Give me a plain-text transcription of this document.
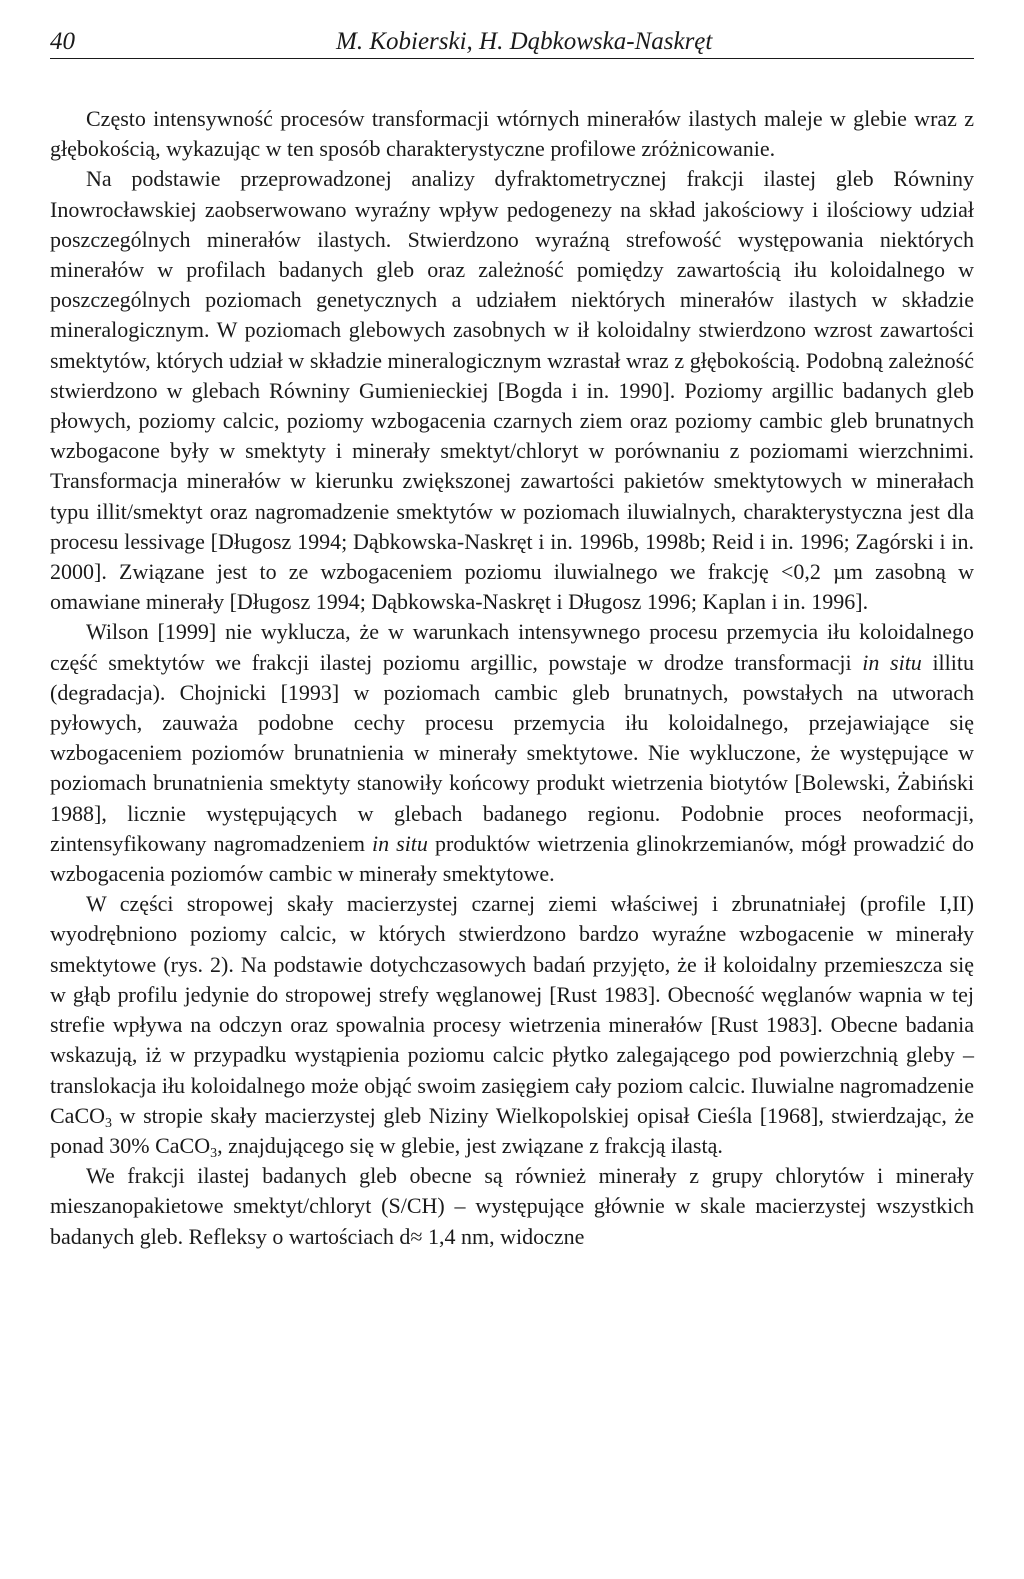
40	M. Kobierski, H. Dąbkowska-Naskręt

Często intensywność procesów transformacji wtórnych minerałów ilastych maleje w glebie wraz z głębokością, wykazując w ten sposób charakterystyczne profilowe zróżnicowanie.

Na podstawie przeprowadzonej analizy dyfraktometrycznej frakcji ilastej gleb Równiny Inowrocławskiej zaobserwowano wyraźny wpływ pedogenezy na skład jakościowy i ilościowy udział poszczególnych minerałów ilastych. Stwierdzono wyraźną strefowość występowania niektórych minerałów w profilach badanych gleb oraz zależność pomiędzy zawartością iłu koloidalnego w poszczególnych poziomach genetycznych a udziałem niektórych minerałów ilastych w składzie mineralogicznym. W poziomach glebowych zasobnych w ił koloidalny stwierdzono wzrost zawartości smektytów, których udział w składzie mineralogicznym wzrastał wraz z głębokością. Podobną zależność stwierdzono w glebach Równiny Gumienieckiej [Bogda i in. 1990]. Poziomy argillic badanych gleb płowych, poziomy calcic, poziomy wzbogacenia czarnych ziem oraz poziomy cambic gleb brunatnych wzbogacone były w smektyty i minerały smektyt/chloryt w porównaniu z poziomami wierzchnimi. Transformacja minerałów w kierunku zwiększonej zawartości pakietów smektytowych w minerałach typu illit/smektyt oraz nagromadzenie smektytów w poziomach iluwialnych, charakterystyczna jest dla procesu lessivage [Długosz 1994; Dąbkowska-Naskręt i in. 1996b, 1998b; Reid i in. 1996; Zagórski i in. 2000]. Związane jest to ze wzbogaceniem poziomu iluwialnego we frakcję <0,2 µm zasobną w omawiane minerały [Długosz 1994; Dąbkowska-Naskręt i Długosz 1996; Kaplan i in. 1996].

Wilson [1999] nie wyklucza, że w warunkach intensywnego procesu przemycia iłu koloidalnego część smektytów we frakcji ilastej poziomu argillic, powstaje w drodze transformacji in situ illitu (degradacja). Chojnicki [1993] w poziomach cambic gleb brunatnych, powstałych na utworach pyłowych, zauważa podobne cechy procesu przemycia iłu koloidalnego, przejawiające się wzbogaceniem poziomów brunatnienia w minerały smektytowe. Nie wykluczone, że występujące w poziomach brunatnienia smektyty stanowiły końcowy produkt wietrzenia biotytów [Bolewski, Żabiński 1988], licznie występujących w glebach badanego regionu. Podobnie proces neoformacji, zintensyfikowany nagromadzeniem in situ produktów wietrzenia glinokrzemianów, mógł prowadzić do wzbogacenia poziomów cambic w minerały smektytowe.

W części stropowej skały macierzystej czarnej ziemi właściwej i zbrunatniałej (profile I,II) wyodrębniono poziomy calcic, w których stwierdzono bardzo wyraźne wzbogacenie w minerały smektytowe (rys. 2). Na podstawie dotychczasowych badań przyjęto, że ił koloidalny przemieszcza się w głąb profilu jedynie do stropowej strefy węglanowej [Rust 1983]. Obecność węglanów wapnia w tej strefie wpływa na odczyn oraz spowalnia procesy wietrzenia minerałów [Rust 1983]. Obecne badania wskazują, iż w przypadku wystąpienia poziomu calcic płytko zalegającego pod powierzchnią gleby – translokacja iłu koloidalnego może objąć swoim zasięgiem cały poziom calcic. Iluwialne nagromadzenie CaCO$_3$ w stropie skały macierzystej gleb Niziny Wielkopolskiej opisał Cieśla [1968], stwierdzając, że ponad 30% CaCO$_3$, znajdującego się w glebie, jest związane z frakcją ilastą.

We frakcji ilastej badanych gleb obecne są również minerały z grupy chlorytów i minerały mieszanopakietowe smektyt/chloryt (S/CH) – występujące głównie w skale macierzystej wszystkich badanych gleb. Refleksy o wartościach d≈ 1,4 nm, widoczne
